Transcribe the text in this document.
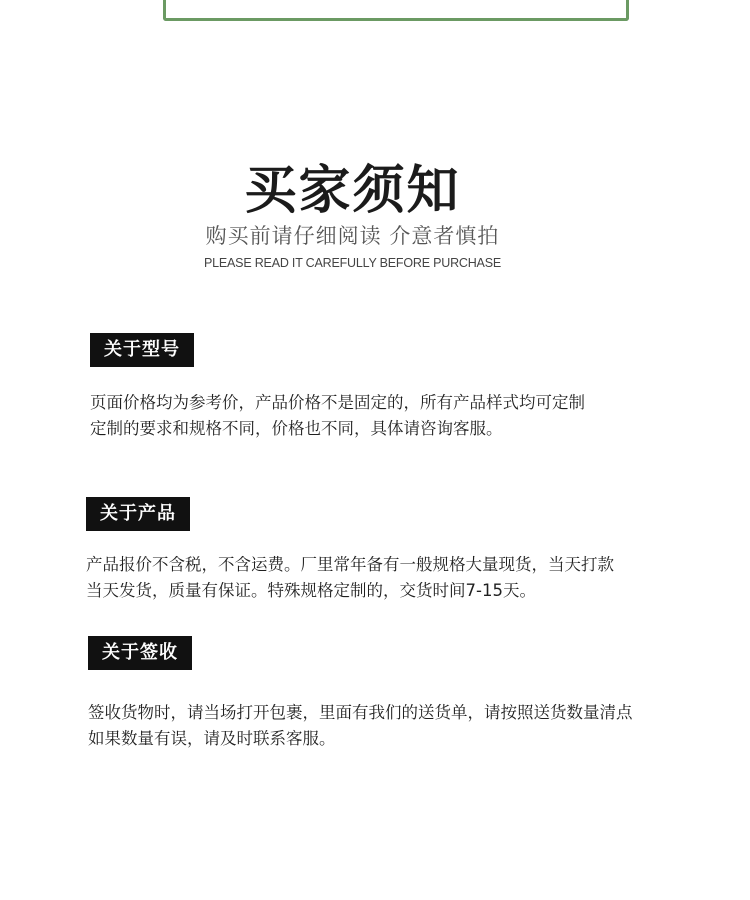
买家须知
购买前请仔细阅读 介意者慎拍
PLEASE READ IT CAREFULLY BEFORE PURCHASE
关于型号
页面价格均为参考价，产品价格不是固定的，所有产品样式均可定制
定制的要求和规格不同，价格也不同，具体请咨询客服。
关于产品
产品报价不含税，不含运费。厂里常年备有一般规格大量现货，当天打款
当天发货，质量有保证。特殊规格定制的，交货时间7-15天。
关于签收
签收货物时，请当场打开包裹，里面有我们的送货单，请按照送货数量清点
如果数量有误，请及时联系客服。
